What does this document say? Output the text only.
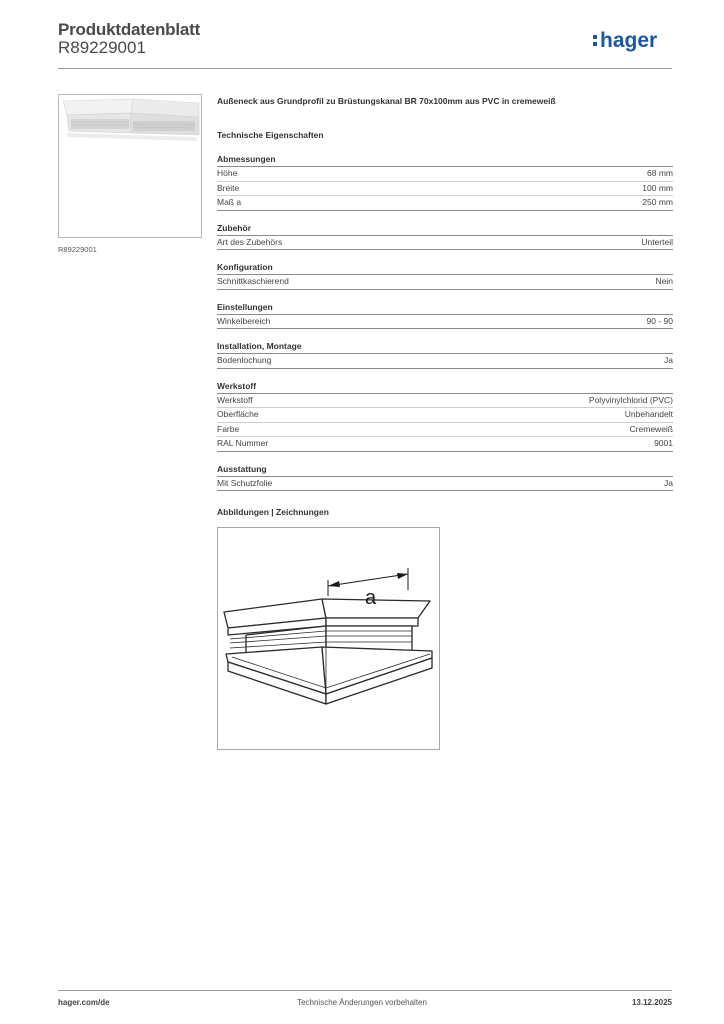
Produktdatenblatt
R89229001	hager
R89229001
Außeneck aus Grundprofil zu Brüstungskanal BR 70x100mm aus PVC in cremeweiß
Technische Eigenschaften
Abmessungen
Höhe	68 mm
Breite	100 mm
Maß a	250 mm
Zubehör
Art des Zubehörs	Unterteil
Konfiguration
Schnittkaschierend	Nein
Einstellungen
Winkelbereich	90 - 90
Installation, Montage
Bodenlochung	Ja
Werkstoff
Werkstoff	Polyvinylchlorid (PVC)
Oberfläche	Unbehandelt
Farbe	Cremeweiß
RAL Nummer	9001
Ausstattung
Mit Schutzfolie	Ja
Abbildungen | Zeichnungen
a
hager.com/de	Technische Änderungen vorbehalten	13.12.2025
